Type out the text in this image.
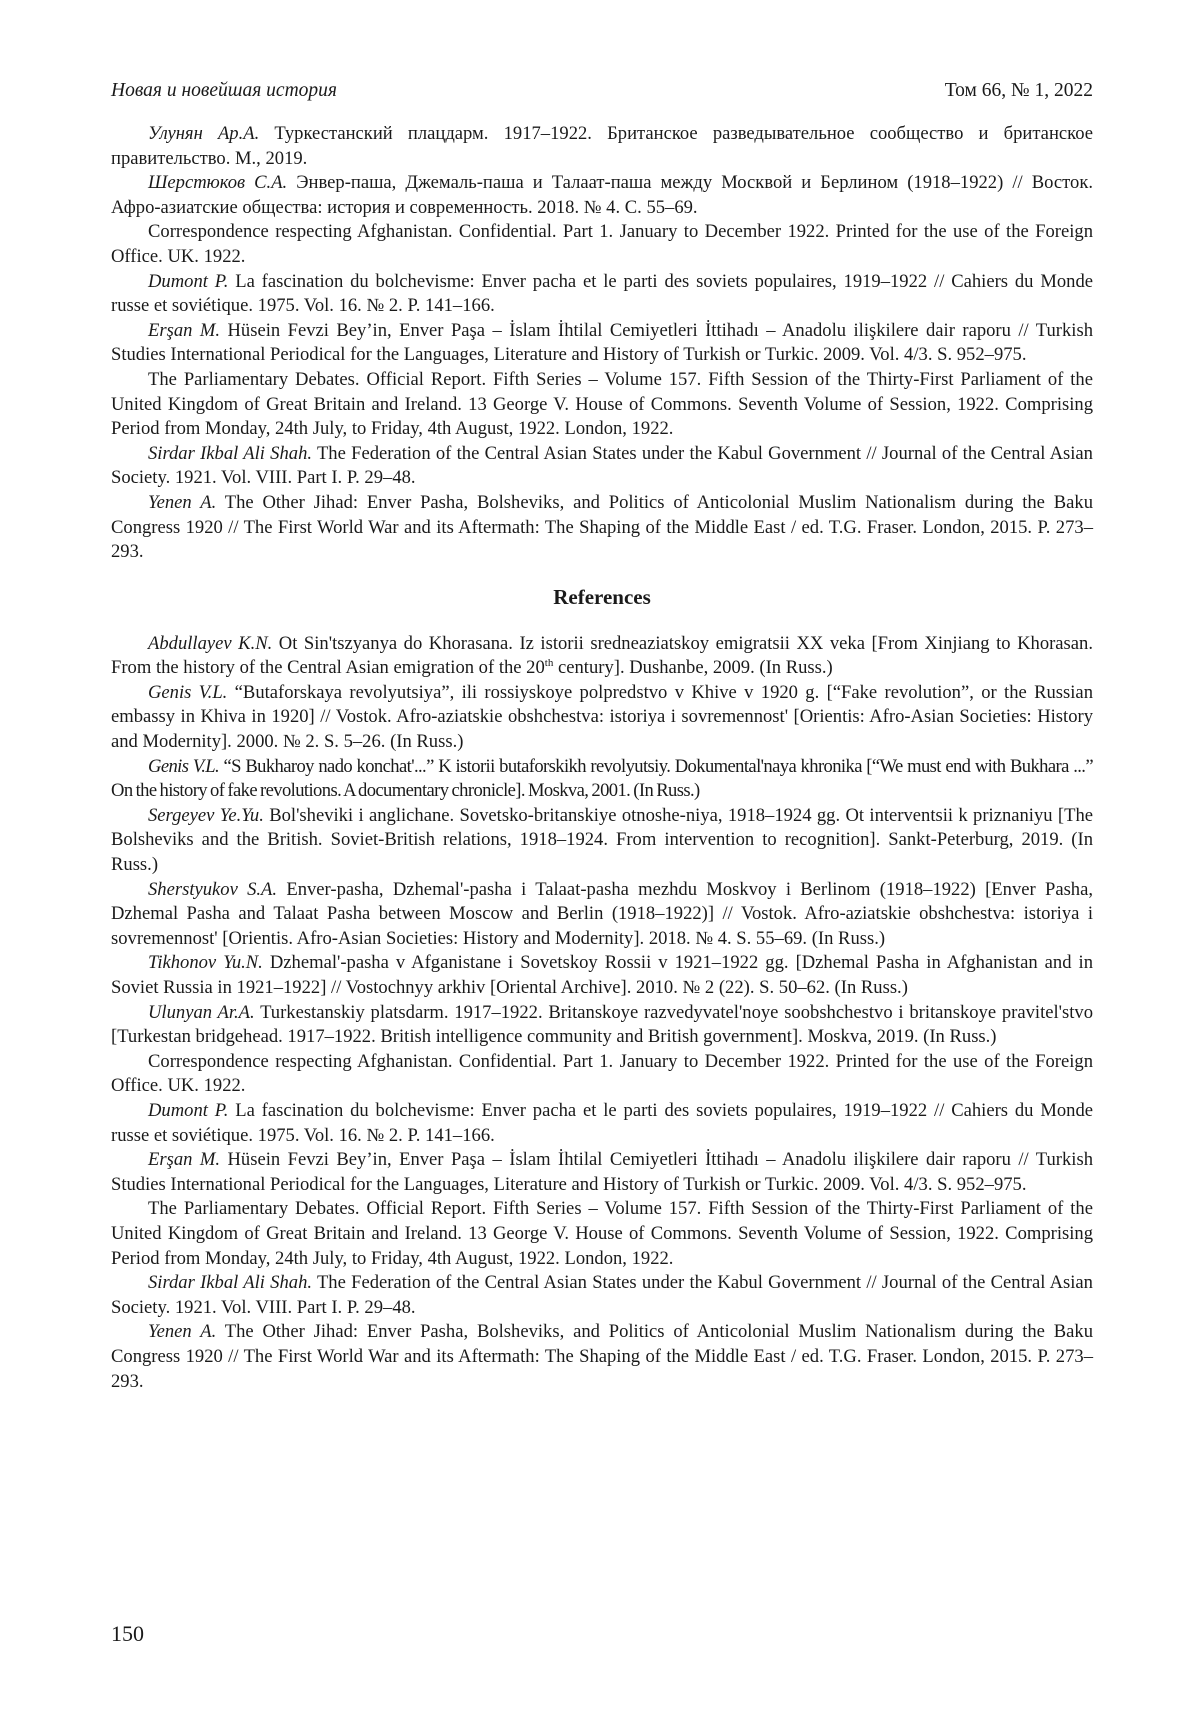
Новая и новейшая история	Том 66, № 1, 2022

Улунян Ар.А. Туркестанский плацдарм. 1917–1922. Британское разведывательное сообщество и британское правительство. М., 2019.

Шерстюков С.А. Энвер-паша, Джемаль-паша и Талаат-паша между Москвой и Берлином (1918–1922) // Восток. Афро-азиатские общества: история и современность. 2018. № 4. С. 55–69.

Correspondence respecting Afghanistan. Confidential. Part 1. January to December 1922. Printed for the use of the Foreign Office. UK. 1922.

Dumont P. La fascination du bolchevisme: Enver pacha et le parti des soviets populaires, 1919–1922 // Cahiers du Monde russe et soviétique. 1975. Vol. 16. № 2. P. 141–166.

Erşan M. Hüsein Fevzi Bey’in, Enver Paşa – İslam İhtilal Cemiyetleri İttihadı – Anadolu ilişkilere dair raporu // Turkish Studies International Periodical for the Languages, Literature and History of Turkish or Turkic. 2009. Vol. 4/3. S. 952–975.

The Parliamentary Debates. Official Report. Fifth Series – Volume 157. Fifth Session of the Thirty-First Parliament of the United Kingdom of Great Britain and Ireland. 13 George V. House of Commons. Seventh Volume of Session, 1922. Comprising Period from Monday, 24th July, to Friday, 4th August, 1922. London, 1922.

Sirdar Ikbal Ali Shah. The Federation of the Central Asian States under the Kabul Government // Journal of the Central Asian Society. 1921. Vol. VIII. Part I. P. 29–48.

Yenen A. The Other Jihad: Enver Pasha, Bolsheviks, and Politics of Anticolonial Muslim Nationalism during the Baku Congress 1920 // The First World War and its Aftermath: The Shaping of the Middle East / ed. T.G. Fraser. London, 2015. P. 273–293.

References

Abdullayev K.N. Ot Sin'tszyanya do Khorasana. Iz istorii sredneaziatskoy emigratsii XX veka [From Xinjiang to Khorasan. From the history of the Central Asian emigration of the 20th century]. Dushanbe, 2009. (In Russ.)

Genis V.L. “Butaforskaya revolyutsiya”, ili rossiyskoye polpredstvo v Khive v 1920 g. [“Fake revolution”, or the Russian embassy in Khiva in 1920] // Vostok. Afro-aziatskie obshchestva: istoriya i sovremennost' [Orientis: Afro-Asian Societies: History and Modernity]. 2000. № 2. S. 5–26. (In Russ.)

Genis V.L. “S Bukharoy nado konchat'...” K istorii butaforskikh revolyutsiy. Dokumental'naya khronika [“We must end with Bukhara ...” On the history of fake revolutions. A documentary chronicle]. Moskva, 2001. (In Russ.)

Sergeyev Ye.Yu. Bol'sheviki i anglichane. Sovetsko-britanskiye otnoshe-niya, 1918–1924 gg. Ot interventsii k priznaniyu [The Bolsheviks and the British. Soviet-British relations, 1918–1924. From intervention to recognition]. Sankt-Peterburg, 2019. (In Russ.)

Sherstyukov S.A. Enver-pasha, Dzhemal'-pasha i Talaat-pasha mezhdu Moskvoy i Berlinom (1918–1922) [Enver Pasha, Dzhemal Pasha and Talaat Pasha between Moscow and Berlin (1918–1922)] // Vostok. Afro-aziatskie obshchestva: istoriya i sovremennost' [Orientis. Afro-Asian Societies: History and Modernity]. 2018. № 4. S. 55–69. (In Russ.)

Tikhonov Yu.N. Dzhemal'-pasha v Afganistane i Sovetskoy Rossii v 1921–1922 gg. [Dzhemal Pasha in Afghanistan and in Soviet Russia in 1921–1922] // Vostochnyy arkhiv [Oriental Archive]. 2010. № 2 (22). S. 50–62. (In Russ.)

Ulunyan Ar.A. Turkestanskiy platsdarm. 1917–1922. Britanskoye razvedyvatel'noye soobshchestvo i britanskoye pravitel'stvo [Turkestan bridgehead. 1917–1922. British intelligence community and British government]. Moskva, 2019. (In Russ.)

Correspondence respecting Afghanistan. Confidential. Part 1. January to December 1922. Printed for the use of the Foreign Office. UK. 1922.

Dumont P. La fascination du bolchevisme: Enver pacha et le parti des soviets populaires, 1919–1922 // Cahiers du Monde russe et soviétique. 1975. Vol. 16. № 2. P. 141–166.

Erşan M. Hüsein Fevzi Bey’in, Enver Paşa – İslam İhtilal Cemiyetleri İttihadı – Anadolu ilişkilere dair raporu // Turkish Studies International Periodical for the Languages, Literature and History of Turkish or Turkic. 2009. Vol. 4/3. S. 952–975.

The Parliamentary Debates. Official Report. Fifth Series – Volume 157. Fifth Session of the Thirty-First Parliament of the United Kingdom of Great Britain and Ireland. 13 George V. House of Commons. Seventh Volume of Session, 1922. Comprising Period from Monday, 24th July, to Friday, 4th August, 1922. London, 1922.

Sirdar Ikbal Ali Shah. The Federation of the Central Asian States under the Kabul Government // Journal of the Central Asian Society. 1921. Vol. VIII. Part I. P. 29–48.

Yenen A. The Other Jihad: Enver Pasha, Bolsheviks, and Politics of Anticolonial Muslim Nationalism during the Baku Congress 1920 // The First World War and its Aftermath: The Shaping of the Middle East / ed. T.G. Fraser. London, 2015. P. 273–293.

150
